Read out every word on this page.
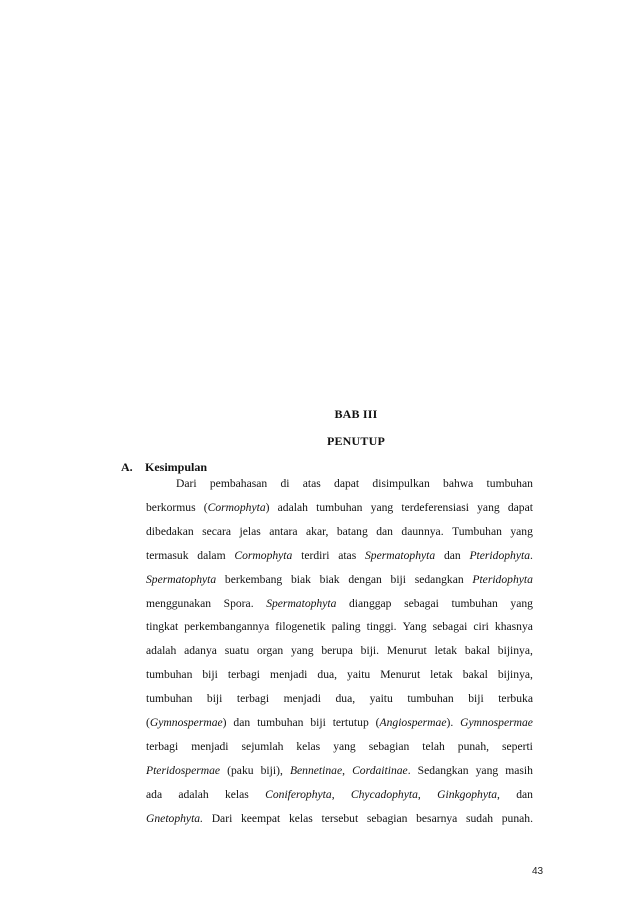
BAB III
PENUTUP
A. Kesimpulan
Dari pembahasan di atas dapat disimpulkan bahwa tumbuhan
berkormus (Cormophyta) adalah tumbuhan yang terdeferensiasi yang dapat
dibedakan secara jelas antara akar, batang dan daunnya. Tumbuhan yang
termasuk dalam Cormophyta terdiri atas Spermatophyta dan Pteridophyta.
Spermatophyta berkembang biak biak dengan biji sedangkan Pteridophyta
menggunakan Spora. Spermatophyta dianggap sebagai tumbuhan yang
tingkat perkembangannya filogenetik paling tinggi. Yang sebagai ciri khasnya
adalah adanya suatu organ yang berupa biji. Menurut letak bakal bijinya,
tumbuhan biji terbagi menjadi dua, yaitu Menurut letak bakal bijinya,
tumbuhan biji terbagi menjadi dua, yaitu tumbuhan biji terbuka
(Gymnospermae) dan tumbuhan biji tertutup (Angiospermae). Gymnospermae
terbagi menjadi sejumlah kelas yang sebagian telah punah, seperti
Pteridospermae (paku biji), Bennetinae, Cordaitinae. Sedangkan yang masih
ada adalah kelas Coniferophyta, Chycadophyta, Ginkgophyta, dan
Gnetophyta. Dari keempat kelas tersebut sebagian besarnya sudah punah.
43
